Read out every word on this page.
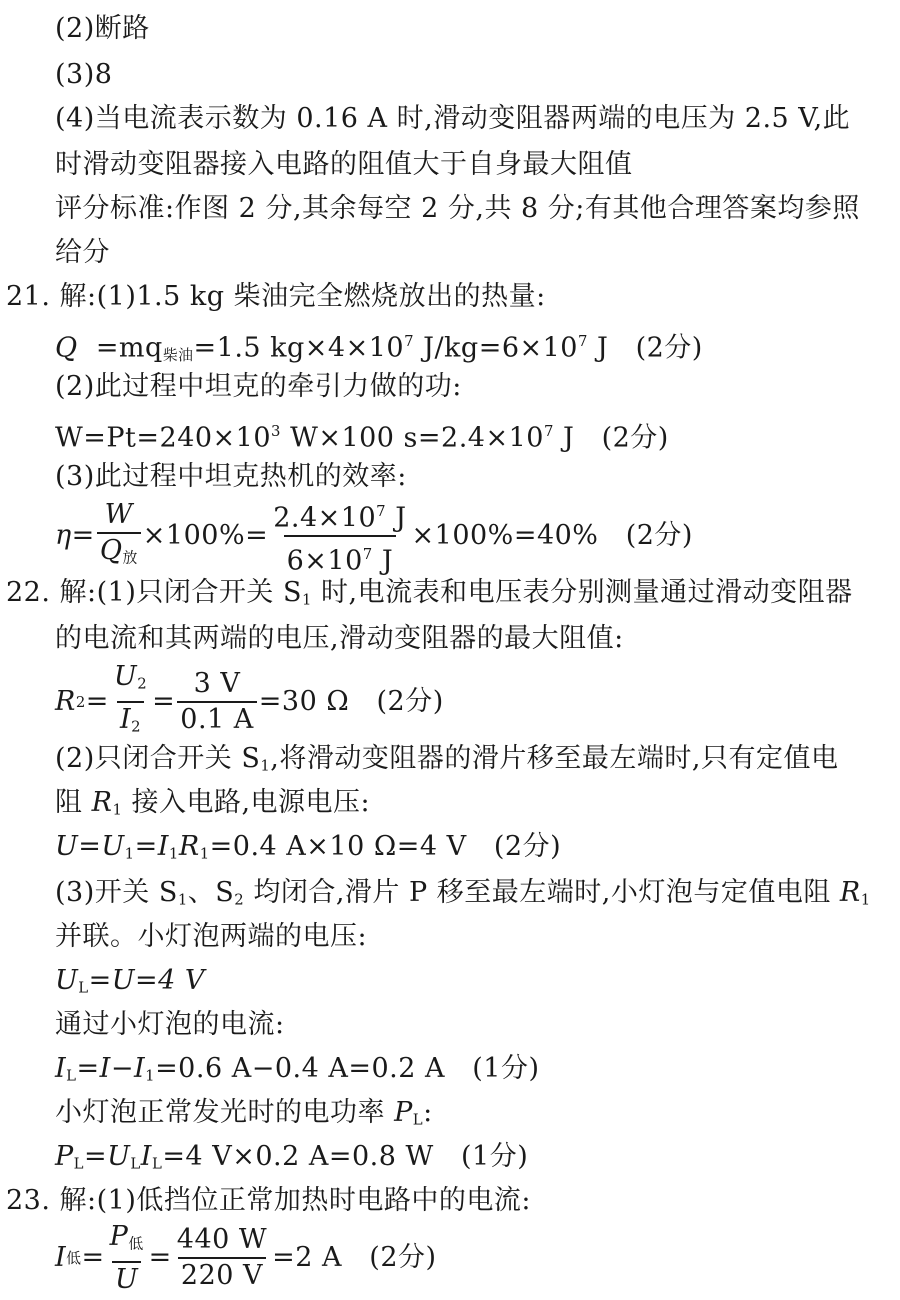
(2)断路
(3)8
(4)当电流表示数为 0.16 A 时,滑动变阻器两端的电压为 2.5 V,此
时滑动变阻器接入电路的阻值大于自身最大阻值
评分标准:作图 2 分,其余每空 2 分,共 8 分;有其他合理答案均参照
给分
21. 解:(1)1.5 kg 柴油完全燃烧放出的热量:
$Q =mq_{柴油}=1.5$ $kg\times 4\times 10^7$ $J/kg=6\times 10^7$ J (2分)
(2)此过程中坦克的牵引力做的功:
$W=Pt=240\times 10^3$ W×100 $s=2.4\times 10^7$ J (2分)
(3)此过程中坦克热机的效率:
$\eta= \frac{W}{Q_放} \times 100\%= \frac{2.4\times 10^7 J}{6\times 10^7 J} \times 100\%=40\%$
(2分)
22. 解:(1)只闭合开关 $S_1$ 时,电流表和电压表分别测量通过滑动变阻器
的电流和其两端的电压,滑动变阻器的最大阻值:
R $2 = \frac{U_2}{I_2} = \frac{3 V}{0.1 A} =30$ Ω
(2分)
(2)只闭合开关 $S_1$,将滑动变阻器的滑片移至最左端时,只有定值电
阻 $R_1$ 接入电路,电源电压:
$U=U_1=I_1R_1=0.4$ A×10 Ω=4 V (2分)
(3)开关 $S_1$、$S_2$ 均闭合,滑片 P 移至最左端时,小灯泡与定值电阻 $R_1$
并联。小灯泡两端的电压:
$U_L=U=4$ V
通过小灯泡的电流:
$I_L=I-I_1=0.6$ A−0.4 A=0.2 A (1分)
小灯泡正常发光时的电功率 $P_L$:
$P_L=U_LI_L=4$ V×0.2 A=0.8 W (1分)
23. 解:(1)低挡位正常加热时电路中的电流:
I 低 = $\frac{P_低}{U} = \frac{440 W}{220 V} =2$ A
(2分)
